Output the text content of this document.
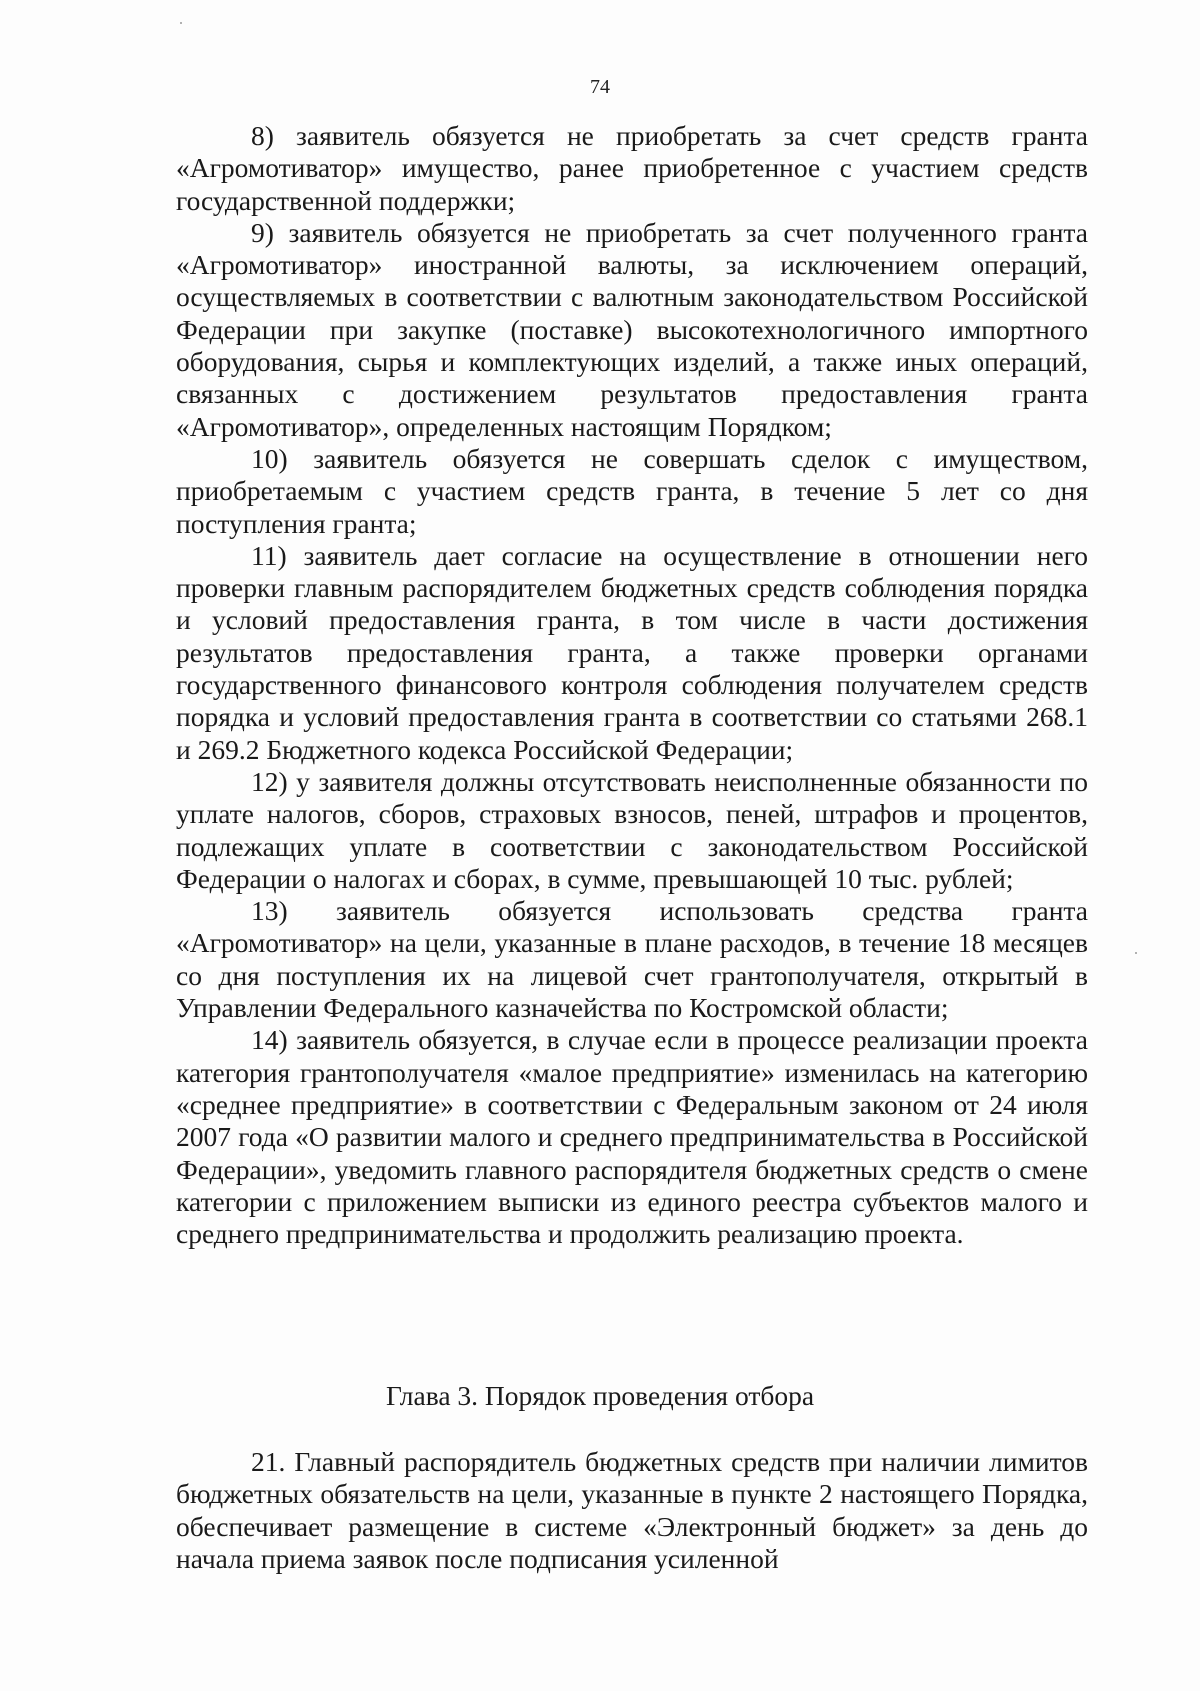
74

8) заявитель обязуется не приобретать за счет средств гранта «Агромотиватор» имущество, ранее приобретенное с участием средств государственной поддержки;

9) заявитель обязуется не приобретать за счет полученного гранта «Агромотиватор» иностранной валюты, за исключением операций, осуществляемых в соответствии с валютным законодательством Российской Федерации при закупке (поставке) высокотехнологичного импортного оборудования, сырья и комплектующих изделий, а также иных операций, связанных с достижением результатов предоставления гранта «Агромотиватор», определенных настоящим Порядком;

10) заявитель обязуется не совершать сделок с имуществом, приобретаемым с участием средств гранта, в течение 5 лет со дня поступления гранта;

11) заявитель дает согласие на осуществление в отношении него проверки главным распорядителем бюджетных средств соблюдения порядка и условий предоставления гранта, в том числе в части достижения результатов предоставления гранта, а также проверки органами государственного финансового контроля соблюдения получателем средств порядка и условий предоставления гранта в соответствии со статьями 268.1 и 269.2 Бюджетного кодекса Российской Федерации;

12) у заявителя должны отсутствовать неисполненные обязанности по уплате налогов, сборов, страховых взносов, пеней, штрафов и процентов, подлежащих уплате в соответствии с законодательством Российской Федерации о налогах и сборах, в сумме, превышающей 10 тыс. рублей;

13) заявитель обязуется использовать средства гранта «Агромотиватор» на цели, указанные в плане расходов, в течение 18 месяцев со дня поступления их на лицевой счет грантополучателя, открытый в Управлении Федерального казначейства по Костромской области;

14) заявитель обязуется, в случае если в процессе реализации проекта категория грантополучателя «малое предприятие» изменилась на категорию «среднее предприятие» в соответствии с Федеральным законом от 24 июля 2007 года «О развитии малого и среднего предпринимательства в Российской Федерации», уведомить главного распорядителя бюджетных средств о смене категории с приложением выписки из единого реестра субъектов малого и среднего предпринимательства и продолжить реализацию проекта.

Глава 3. Порядок проведения отбора

21. Главный распорядитель бюджетных средств при наличии лимитов бюджетных обязательств на цели, указанные в пункте 2 настоящего Порядка, обеспечивает размещение в системе «Электронный бюджет» за день до начала приема заявок после подписания усиленной
